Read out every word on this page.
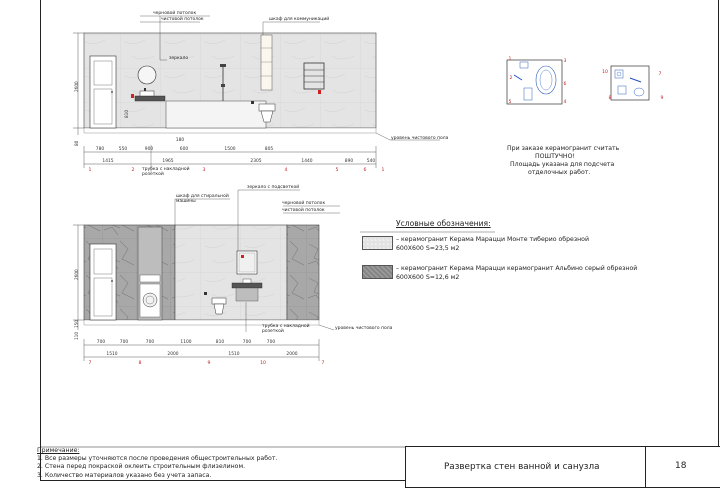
черновой потолок
чистовой потолок	шкаф для коммуникаций
зеркало
трубка с накладной розеткой
уровень чистового пола
2600
80
810
780	550	900	600	1500	805
180
1415	1965	2305	1440	890	540
1	2	3	4	5	6	1
зеркало с подсветкой
шкаф для стиральной машины	черновой потолок
чистовой потолок
трубка с накладной розеткой
уровень чистового пола
2600
110
150
700	700	700	1100	810	700	700
1510	2000	1510	2000
7	8	9	10	7
1
2
3
4
5
6
7
8	9
10
При заказе керамогранит считать
ПОШТУЧНО!
Площадь указана для подсчета
отделочных работ.
Условные обозначения:
– керамогранит Керама Марацци Монте тиберио обрезной
600Х600 S=23,5 м2
– керамогранит Керама Марацци керамогранит Альбино серый обрезной
600Х600 S=12,6 м2
Примечание:
1. Все размеры уточняются после проведения общестроительных работ.
2. Стена перед покраской оклеить строительным флизелином.
3. Количество материалов указано без учета запаса.
Развертка стен ванной и санузла	18
